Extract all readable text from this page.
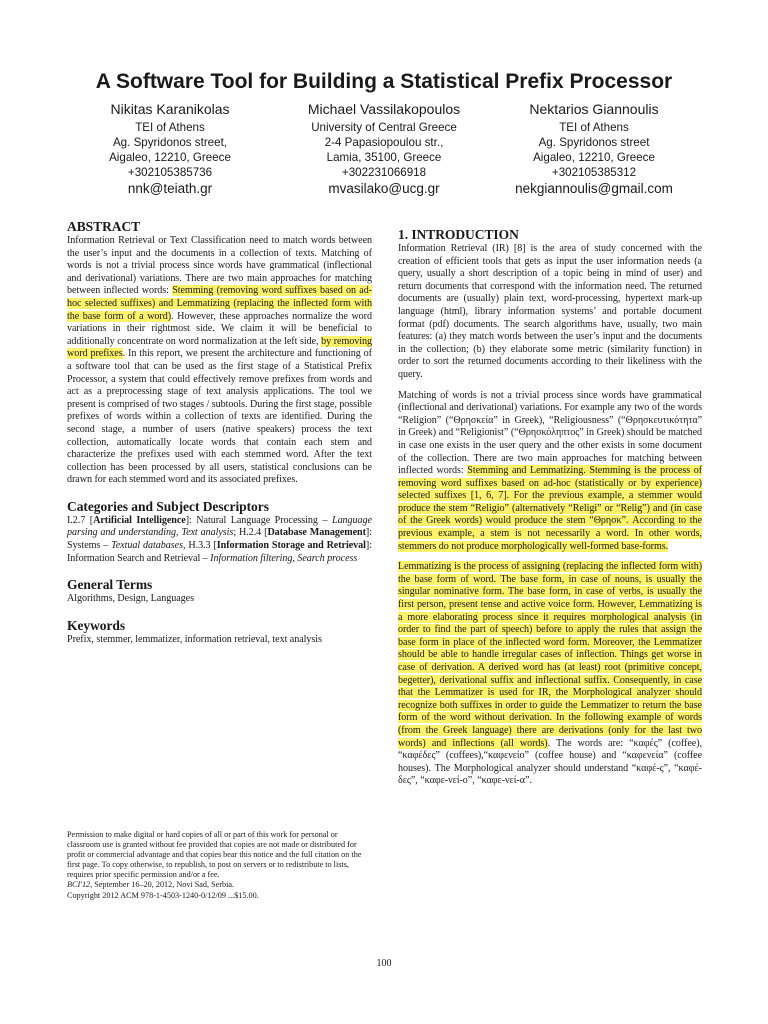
A Software Tool for Building a Statistical Prefix Processor
Nikitas Karanikolas
TEI of Athens
Ag. Spyridonos street,
Aigaleo, 12210, Greece
+302105385736
nnk@teiath.gr
Michael Vassilakopoulos
University of Central Greece
2-4 Papasiopoulou str.,
Lamia, 35100, Greece
+302231066918
mvasilako@ucg.gr
Nektarios Giannoulis
TEI of Athens
Ag. Spyridonos street
Aigaleo, 12210, Greece
+302105385312
nekgiannoulis@gmail.com
ABSTRACT

Information Retrieval or Text Classification need to match words between the user’s input and the documents in a collection of texts. Matching of words is not a trivial process since words have grammatical (inflectional and derivational) variations. There are two main approaches for matching between inflected words: Stemming (removing word suffixes based on ad-hoc selected suffixes) and Lemmatizing (replacing the inflected form with the base form of a word). However, these approaches normalize the word variations in their rightmost side. We claim it will be beneficial to additionally concentrate on word normalization at the left side, by removing word prefixes. In this report, we present the architecture and functioning of a software tool that can be used as the first stage of a Statistical Prefix Processor, a system that could effectively remove prefixes from words and act as a preprocessing stage of text analysis applications. The tool we present is comprised of two stages / subtools. During the first stage, possible prefixes of words within a collection of texts are identified. During the second stage, a number of users (native speakers) process the text collection, automatically locate words that contain each stem and characterize the prefixes used with each stemmed word. After the text collection has been processed by all users, statistical conclusions can be drawn for each stemmed word and its associated prefixes.

Categories and Subject Descriptors

I.2.7 [Artificial Intelligence]: Natural Language Processing – Language parsing and understanding, Text analysis; H.2.4 [Database Management]: Systems – Textual databases, H.3.3 [Information Storage and Retrieval]: Information Search and Retrieval – Information filtering, Search process

General Terms

Algorithms, Design, Languages

Keywords

Prefix, stemmer, lemmatizer, information retrieval, text analysis

Permission to make digital or hard copies of all or part of this work for personal or classroom use is granted without fee provided that copies are not made or distributed for profit or commercial advantage and that copies bear this notice and the full citation on the first page. To copy otherwise, to republish, to post on servers or to redistribute to lists, requires prior specific permission and/or a fee.
BCI'12, September 16–20, 2012, Novi Sad, Serbia.
Copyright 2012 ACM 978-1-4503-1240-0/12/09 ...$15.00.
1. INTRODUCTION

Information Retrieval (IR) [8] is the area of study concerned with the creation of efficient tools that gets as input the user information needs (a query, usually a short description of a topic being in mind of user) and return documents that correspond with the information need. The returned documents are (usually) plain text, word-processing, hypertext mark-up language (html), library information systems’ and portable document format (pdf) documents. The search algorithms have, usually, two main features: (a) they match words between the user’s input and the documents in the collection; (b) they elaborate some metric (similarity function) in order to sort the returned documents according to their likeliness with the query.

Matching of words is not a trivial process since words have grammatical (inflectional and derivational) variations. For example any two of the words “Religion” (“Θρησκεία” in Greek), “Religiousness” (“Θρησκευτικότητα” in Greek) and “Religionist” (“Θρησκόληπτος” in Greek) should be matched in case one exists in the user query and the other exists in some document of the collection. There are two main approaches for matching between inflected words: Stemming and Lemmatizing. Stemming is the process of removing word suffixes based on ad-hoc (statistically or by experience) selected suffixes [1, 6, 7]. For the previous example, a stemmer would produce the stem “Religio” (alternatively “Religi” or “Relig”) and (in case of the Greek words) would produce the stem “Θρησκ”. According to the previous example, a stem is not necessarily a word. In other words, stemmers do not produce morphologically well-formed base-forms.

Lemmatizing is the process of assigning (replacing the inflected form with) the base form of word. The base form, in case of nouns, is usually the singular nominative form. The base form, in case of verbs, is usually the first person, present tense and active voice form. However, Lemmatizing is a more elaborating process since it requires morphological analysis (in order to find the part of speech) before to apply the rules that assign the base form in place of the inflected word form. Moreover, the Lemmatizer should be able to handle irregular cases of inflection. Things get worse in case of derivation. A derived word has (at least) root (primitive concept, begetter), derivational suffix and inflectional suffix. Consequently, in case that the Lemmatizer is used for IR, the Morphological analyzer should recognize both suffixes in order to guide the Lemmatizer to return the base form of the word without derivation. In the following example of words (from the Greek language) there are derivations (only for the last two words) and inflections (all words). The words are: “καφές” (coffee), “καφέδες” (coffees),“καφενείο” (coffee house) and “καφενεία” (coffee houses). The Morphological analyzer should understand “καφέ-ς”, “καφέ-δες”, “καφε-νεί-ο”, “καφε-νεί-α”.

100
